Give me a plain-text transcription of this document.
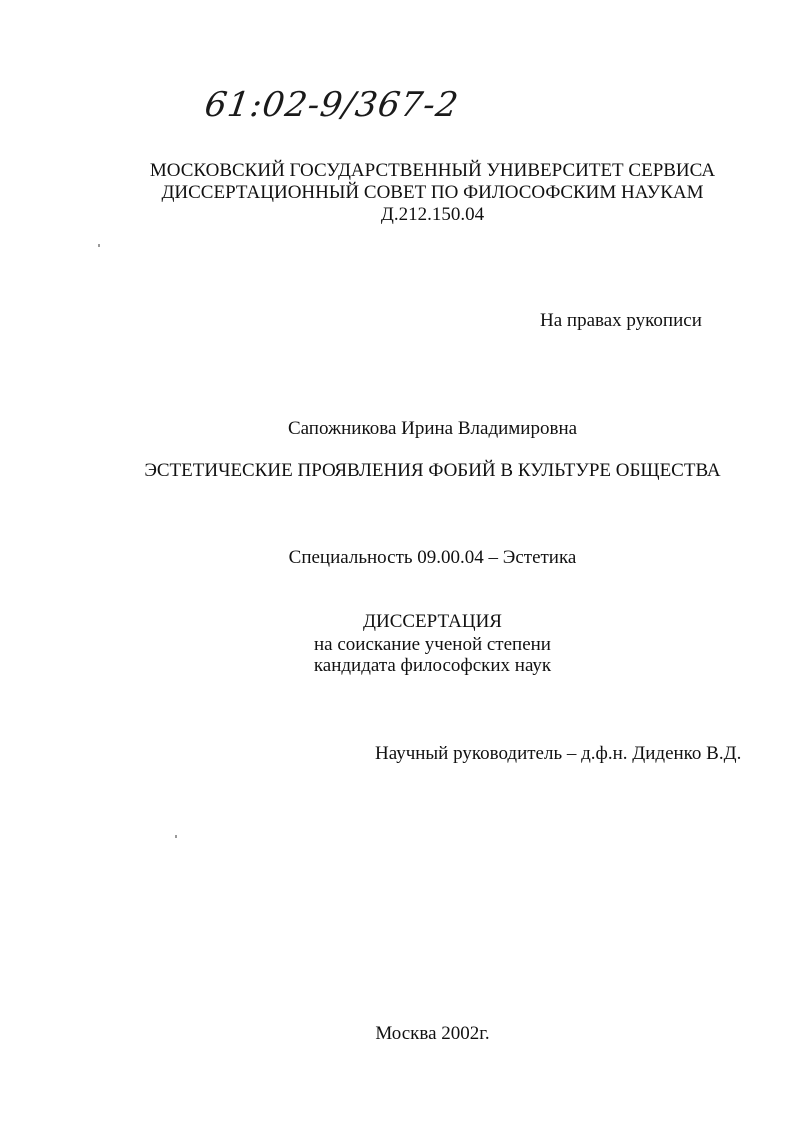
61:02-9/367-2
МОСКОВСКИЙ ГОСУДАРСТВЕННЫЙ УНИВЕРСИТЕТ СЕРВИСА
ДИССЕРТАЦИОННЫЙ СОВЕТ ПО ФИЛОСОФСКИМ НАУКАМ
Д.212.150.04
На правах рукописи
Сапожникова Ирина Владимировна
ЭСТЕТИЧЕСКИЕ ПРОЯВЛЕНИЯ ФОБИЙ В КУЛЬТУРЕ ОБЩЕСТВА
Специальность 09.00.04 – Эстетика
ДИССЕРТАЦИЯ
на соискание ученой степени
кандидата философских наук
Научный руководитель – д.ф.н. Диденко В.Д.
Москва 2002г.
